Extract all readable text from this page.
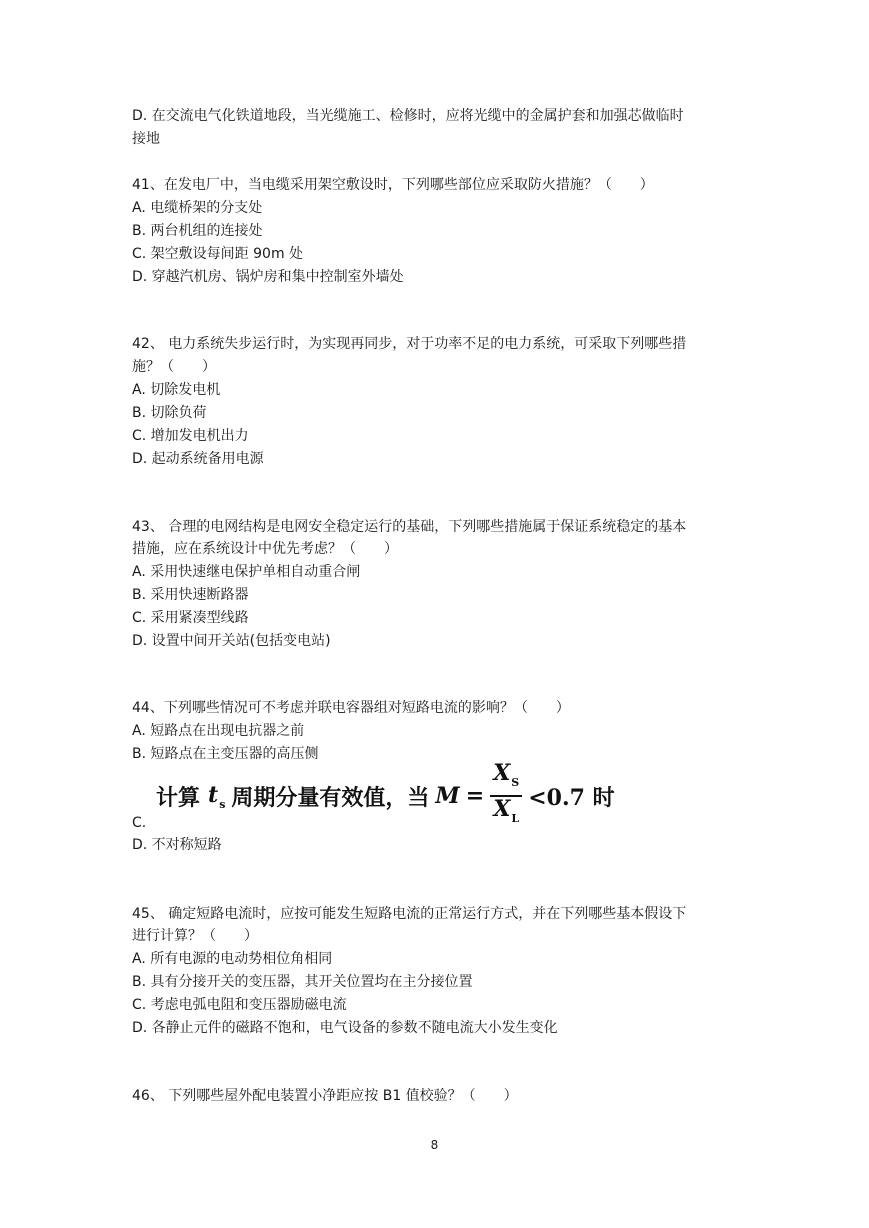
D. 在交流电气化铁道地段，当光缆施工、检修时，应将光缆中的金属护套和加强芯做临时
接地
41、在发电厂中，当电缆采用架空敷设时，下列哪些部位应采取防火措施？（　　）
A. 电缆桥架的分支处
B. 两台机组的连接处
C. 架空敷设每间距 90m 处
D. 穿越汽机房、锅炉房和集中控制室外墙处
42、 电力系统失步运行时，为实现再同步，对于功率不足的电力系统，可采取下列哪些措
施？（　　）
A. 切除发电机
B. 切除负荷
C. 增加发电机出力
D. 起动系统备用电源
43、 合理的电网结构是电网安全稳定运行的基础，下列哪些措施属于保证系统稳定的基本
措施，应在系统设计中优先考虑？（　　）
A. 采用快速继电保护单相自动重合闸
B. 采用快速断路器
C. 采用紧凑型线路
D. 设置中间开关站(包括变电站)
44、下列哪些情况可不考虑并联电容器组对短路电流的影响？（　　）
A. 短路点在出现电抗器之前
B. 短路点在主变压器的高压侧
计算 $t_s$ 周期分量有效值，当 $M = \frac{X_S}{X_L} <0.7$ 时
C.
D. 不对称短路
45、 确定短路电流时，应按可能发生短路电流的正常运行方式，并在下列哪些基本假设下
进行计算？（　　）
A. 所有电源的电动势相位角相同
B. 具有分接开关的变压器，其开关位置均在主分接位置
C. 考虑电弧电阻和变压器励磁电流
D. 各静止元件的磁路不饱和，电气设备的参数不随电流大小发生变化
46、 下列哪些屋外配电装置小净距应按 B1 值校验？（　　）
8
